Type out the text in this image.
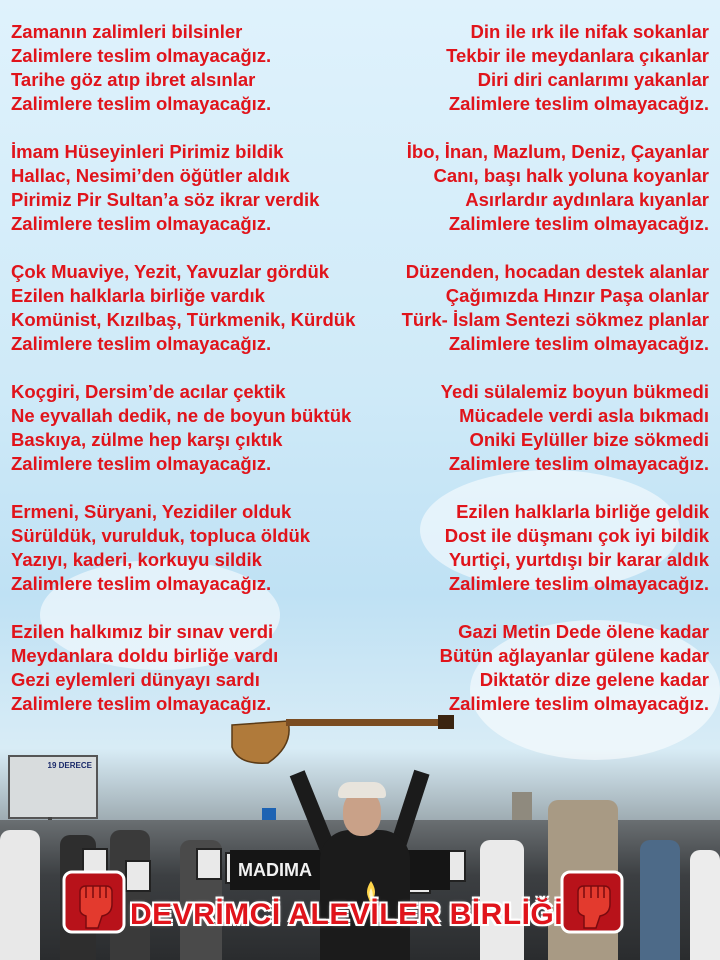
Zamanın zalimleri bilsinler
Zalimlere teslim olmayacağız.
Tarihe göz atıp ibret alsınlar
Zalimlere teslim olmayacağız.
İmam Hüseyinleri Pirimiz bildik
Hallac, Nesimi’den öğütler aldık
Pirimiz Pir Sultan’a söz ikrar verdik
Zalimlere teslim olmayacağız.
Çok Muaviye, Yezit, Yavuzlar gördük
Ezilen halklarla birliğe vardık
Komünist, Kızılbaş, Türkmenik, Kürdük
Zalimlere teslim olmayacağız.
Koçgiri, Dersim’de acılar çektik
Ne eyvallah dedik, ne de boyun büktük
Baskıya, zülme hep karşı çıktık
Zalimlere teslim olmayacağız.
Ermeni, Süryani, Yezidiler olduk
Sürüldük, vurulduk, topluca öldük
Yazıyı, kaderi, korkuyu sildik
Zalimlere teslim olmayacağız.
Ezilen halkımız bir sınav verdi
Meydanlara doldu birliğe vardı
Gezi eylemleri dünyayı sardı
Zalimlere teslim olmayacağız.
Din ile ırk ile nifak sokanlar
Tekbir ile meydanlara çıkanlar
Diri diri canlarımı yakanlar
Zalimlere teslim olmayacağız.
İbo, İnan, Mazlum, Deniz, Çayanlar
Canı, başı halk yoluna koyanlar
Asırlardır aydınlara kıyanlar
Zalimlere teslim olmayacağız.
Düzenden, hocadan destek alanlar
Çağımızda Hınzır Paşa olanlar
Türk- İslam Sentezi sökmez planlar
Zalimlere teslim olmayacağız.
Yedi sülalemiz boyun bükmedi
Mücadele verdi asla bıkmadı
Oniki Eylüller bize sökmedi
Zalimlere teslim olmayacağız.
Ezilen halklarla birliğe geldik
Dost ile düşmanı çok iyi bildik
Yurtiçi, yurtdışı bir karar aldık
Zalimlere teslim olmayacağız.
Gazi Metin Dede ölene kadar
Bütün ağlayanlar gülene kadar
Diktatör dize gelene kadar
Zalimlere teslim olmayacağız.
19 DERECE
MADIMA
DEVRİMCİ ALEVİLER BİRLİĞİ
